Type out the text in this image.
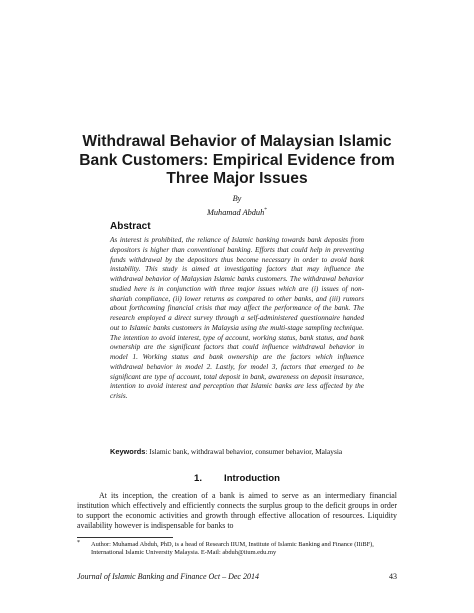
Withdrawal Behavior of Malaysian Islamic Bank Customers: Empirical Evidence from Three Major Issues
By
Muhamad Abduh*
Abstract
As interest is prohibited, the reliance of Islamic banking towards bank deposits from depositors is higher than conventional banking. Efforts that could help in preventing funds withdrawal by the depositors thus become necessary in order to avoid bank instability. This study is aimed at investigating factors that may influence the withdrawal behavior of Malaysian Islamic banks customers. The withdrawal behavior studied here is in conjunction with three major issues which are (i) issues of non-shariah compliance, (ii) lower returns as compared to other banks, and (iii) rumors about forthcoming financial crisis that may affect the performance of the bank. The research employed a direct survey through a self-administered questionnaire handed out to Islamic banks customers in Malaysia using the multi-stage sampling technique. The intention to avoid interest, type of account, working status, bank status, and bank ownership are the significant factors that could influence withdrawal behavior in model 1. Working status and bank ownership are the factors which influence withdrawal behavior in model 2. Lastly, for model 3, factors that emerged to be significant are type of account, total deposit in bank, awareness on deposit insurance, intention to avoid interest and perception that Islamic banks are less affected by the crisis.
Keywords: Islamic bank, withdrawal behavior, consumer behavior, Malaysia
1. Introduction
At its inception, the creation of a bank is aimed to serve as an intermediary financial institution which effectively and efficiently connects the surplus group to the deficit groups in order to support the economic activities and growth through effective allocation of resources. Liquidity availability however is indispensable for banks to
*	Author: Muhamad Abduh, PhD, is a head of Research IIUM, Institute of Islamic Banking and Finance (IIiBF), International Islamic University Malaysia. E-Mail: abduh@iium.edu.my
Journal of Islamic Banking and Finance Oct – Dec 2014	43
